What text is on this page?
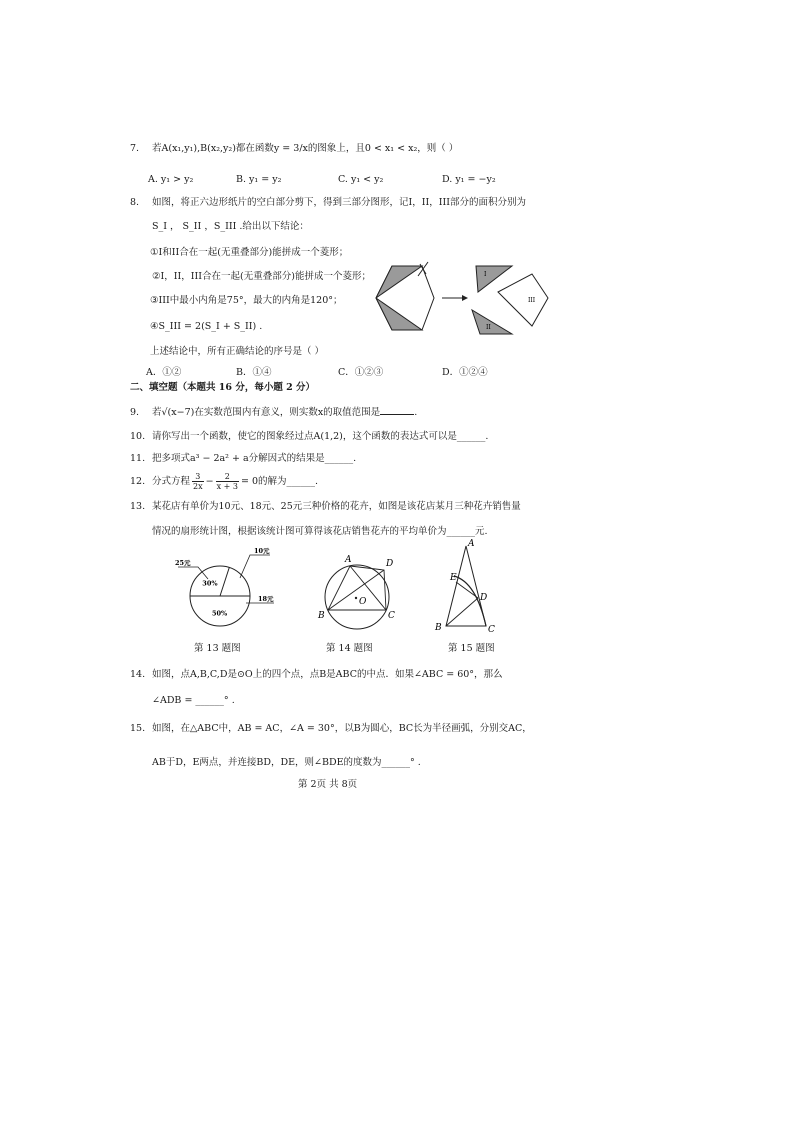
7. 若A(x₁,y₁),B(x₂,y₂)都在函数y = 3/x的图象上，且0 < x₁ < x₂，则（ ）
A. y₁ > y₂	B. y₁ = y₂	C. y₁ < y₂	D. y₁ = −y₂
8. 如图，将正六边形纸片的空白部分剪下，得到三部分图形，记I，II，III部分的面积分别为
S_I ， S_II ，S_III .给出以下结论：
①I和II合在一起(无重叠部分)能拼成一个菱形；
②I，II，III合在一起(无重叠部分)能拼成一个菱形；
③III中最小内角是75°，最大的内角是120°；
④S_III = 2(S_I + S_II) .
上述结论中，所有正确结论的序号是（ ）
A．①②	B．①④	C．①②③	D．①②④
I
II
III
二、填空题（本题共 16 分，每小题 2 分）
9. 若√(x−7)在实数范围内有意义，则实数x的取值范围是	.
10. 请你写出一个函数，使它的图象经过点A(1,2)，这个函数的表达式可以是______.
11. 把多项式a³ − 2a² + a分解因式的结果是______.
12. 分式方程 $\frac{3}{2x} - \frac{2}{x + 3} = 0$的解为______.
13. 某花店有单价为10元、18元、25元三种价格的花卉，如图是该花店某月三种花卉销售量
情况的扇形统计图，根据该统计图可算得该花店销售花卉的平均单价为______元.
30%
50%
25元
10元
18元
A	D
B	C
O
A
E
D
B	C
第 13 题图	第 14 题图	第 15 题图
14. 如图，点A,B,C,D是⊙O上的四个点，点B是ABC的中点．如果∠ABC = 60°，那么
∠ADB = ______° .
15. 如图，在△ABC中，AB = AC，∠A = 30°，以B为圆心，BC长为半径画弧，分别交AC，
AB于D，E两点，并连接BD，DE，则∠BDE的度数为______° .
第 2页 共 8页
